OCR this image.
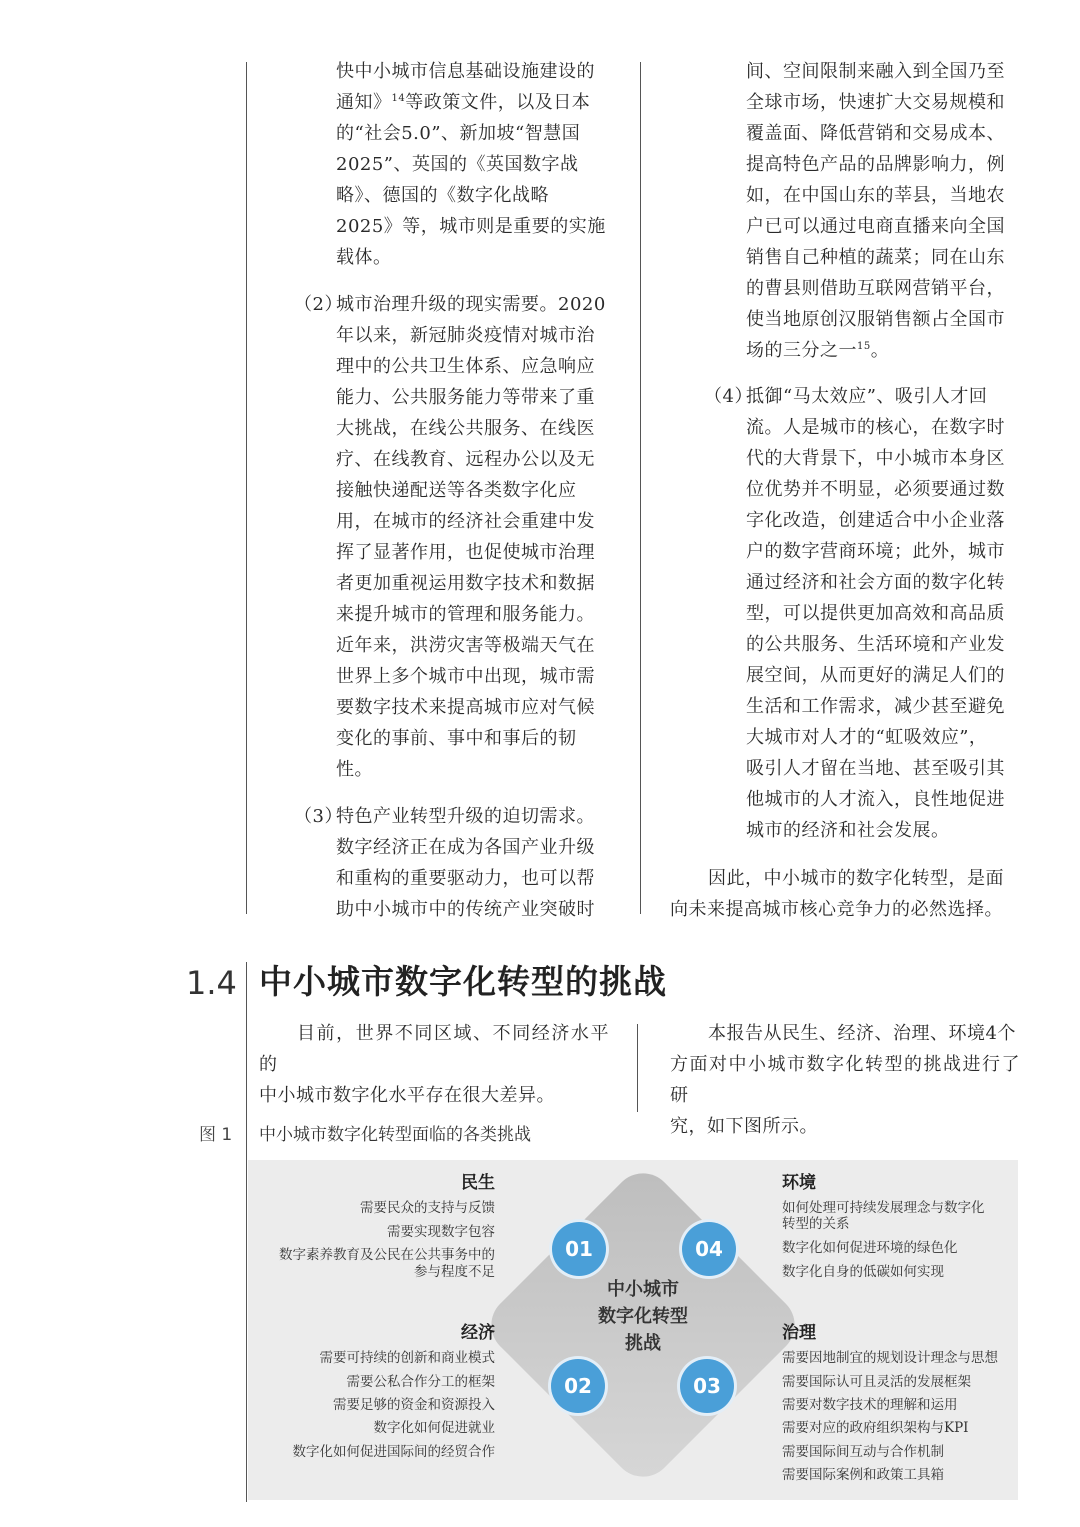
快中小城市信息基础设施建设的

通知》$^{14}$等政策文件，以及日本

的“社会5.0”、新加坡“智慧国

2025”、英国的《英国数字战

略》、德国的《数字化战略

2025》等，城市则是重要的实施

载体。

（2）

城市治理升级的现实需要。2020

年以来，新冠肺炎疫情对城市治

理中的公共卫生体系、应急响应

能力、公共服务能力等带来了重

大挑战，在线公共服务、在线医

疗、在线教育、远程办公以及无

接触快递配送等各类数字化应

用，在城市的经济社会重建中发

挥了显著作用，也促使城市治理

者更加重视运用数字技术和数据

来提升城市的管理和服务能力。

近年来，洪涝灾害等极端天气在

世界上多个城市中出现，城市需

要数字技术来提高城市应对气候

变化的事前、事中和事后的韧

性。

（3）

特色产业转型升级的迫切需求。

数字经济正在成为各国产业升级

和重构的重要驱动力，也可以帮

助中小城市中的传统产业突破时

间、空间限制来融入到全国乃至

全球市场，快速扩大交易规模和

覆盖面、降低营销和交易成本、

提高特色产品的品牌影响力，例

如，在中国山东的莘县，当地农

户已可以通过电商直播来向全国

销售自己种植的蔬菜；同在山东

的曹县则借助互联网营销平台，

使当地原创汉服销售额占全国市

场的三分之一$^{15}$。

（4）

抵御“马太效应”、吸引人才回

流。人是城市的核心，在数字时

代的大背景下，中小城市本身区

位优势并不明显，必须要通过数

字化改造，创建适合中小企业落

户的数字营商环境；此外，城市

通过经济和社会方面的数字化转

型，可以提供更加高效和高品质

的公共服务、生活环境和产业发

展空间，从而更好的满足人们的

生活和工作需求，减少甚至避免

大城市对人才的“虹吸效应”，

吸引人才留在当地、甚至吸引其

他城市的人才流入，良性地促进

城市的经济和社会发展。

因此，中小城市的数字化转型，是面

向未来提高城市核心竞争力的必然选择。

1.4 中小城市数字化转型的挑战

目前，世界不同区域、不同经济水平的

中小城市数字化水平存在很大差异。

本报告从民生、经济、治理、环境4个

方面对中小城市数字化转型的挑战进行了研

究，如下图所示。

图 1 中小城市数字化转型面临的各类挑战
中小城市
数字化转型
挑战
01	04
02	03
民生
需要民众的支持与反馈
需要实现数字包容
数字素养教育及公民在公共事务中的
参与程度不足
经济
需要可持续的创新和商业模式
需要公私合作分工的框架
需要足够的资金和资源投入
数字化如何促进就业
数字化如何促进国际间的经贸合作
环境
如何处理可持续发展理念与数字化
转型的关系
数字化如何促进环境的绿色化
数字化自身的低碳如何实现
治理
需要因地制宜的规划设计理念与思想
需要国际认可且灵活的发展框架
需要对数字技术的理解和运用
需要对应的政府组织架构与KPI
需要国际间互动与合作机制
需要国际案例和政策工具箱
